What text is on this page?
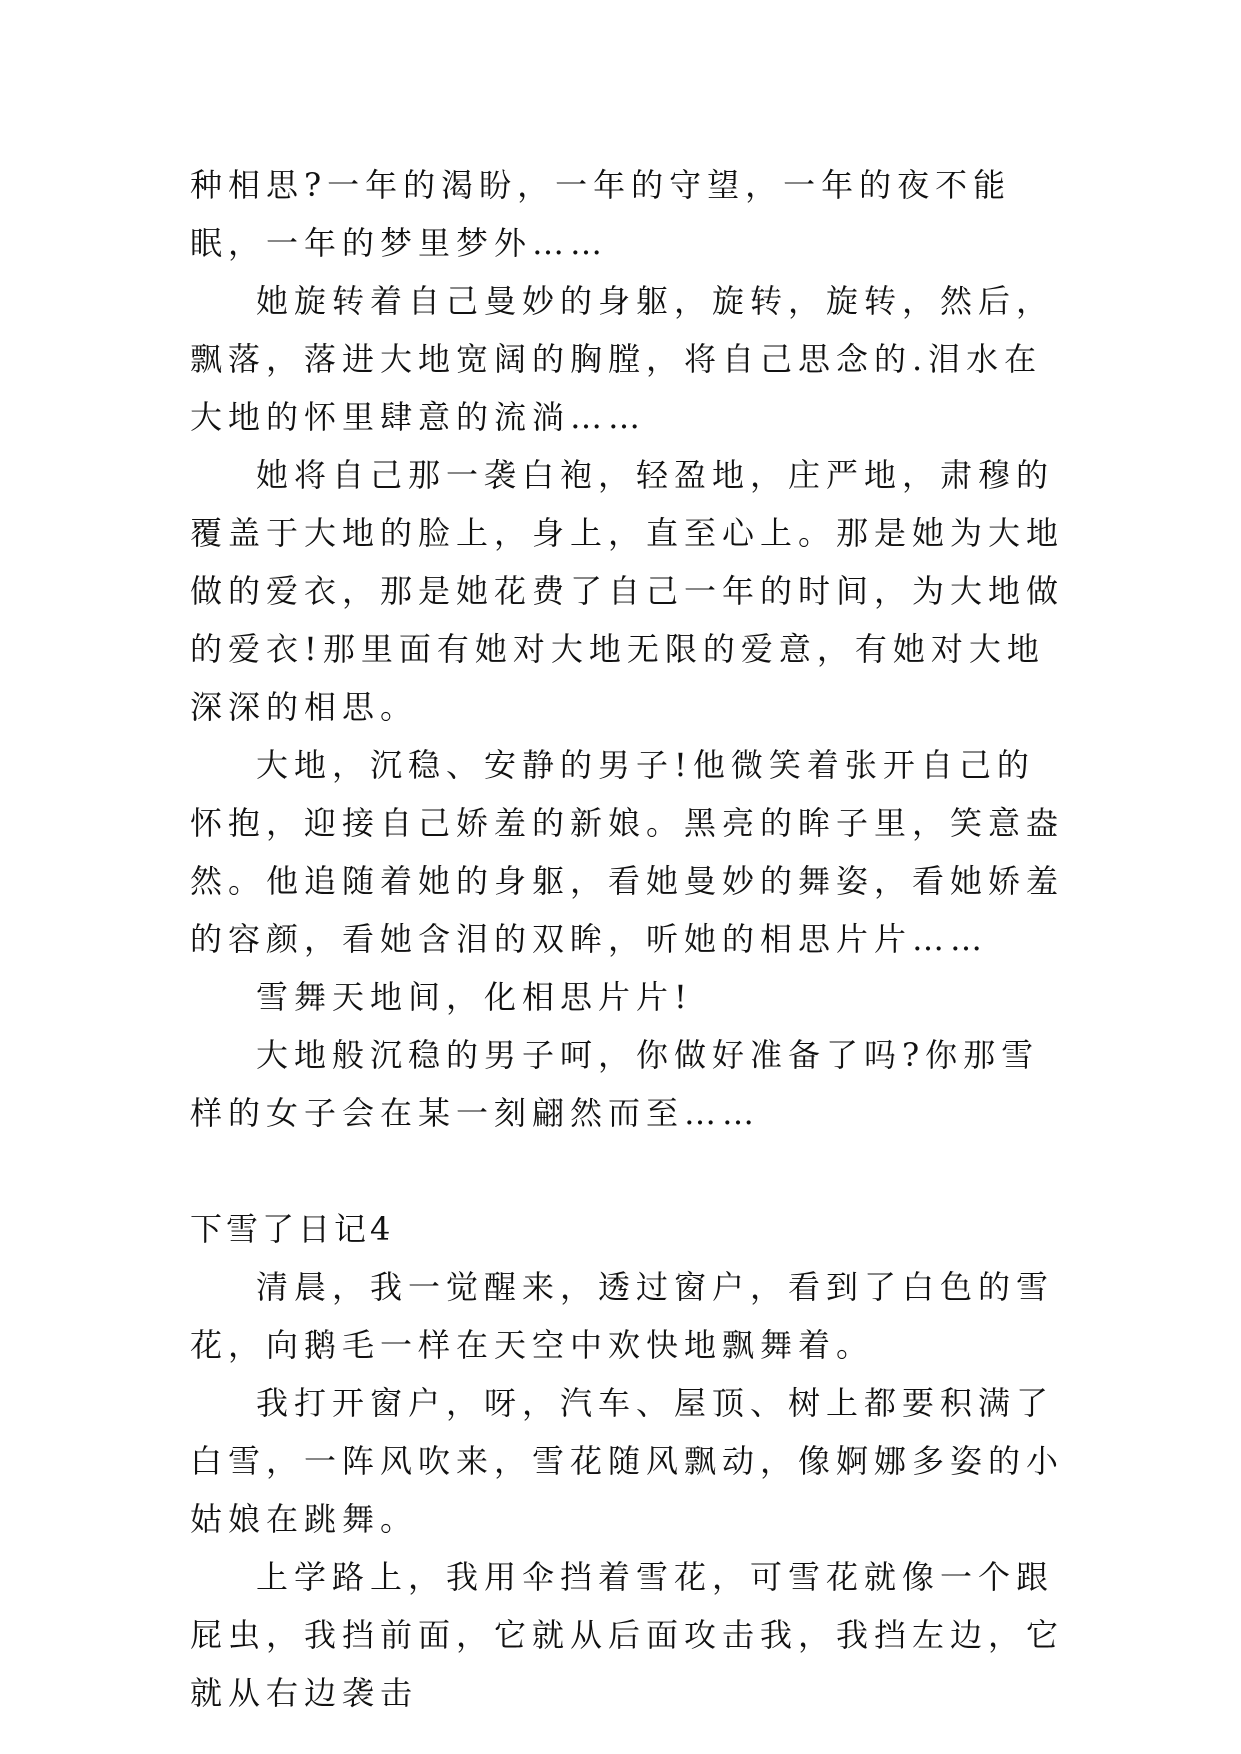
种相思?一年的渴盼，一年的守望，一年的夜不能眠，一年的梦里梦外……

她旋转着自己曼妙的身躯，旋转，旋转，然后，飘落，落进大地宽阔的胸膛，将自己思念的.泪水在大地的怀里肆意的流淌……

她将自己那一袭白袍，轻盈地，庄严地，肃穆的覆盖于大地的脸上，身上，直至心上。那是她为大地做的爱衣，那是她花费了自己一年的时间，为大地做的爱衣!那里面有她对大地无限的爱意，有她对大地深深的相思。

大地，沉稳、安静的男子!他微笑着张开自己的怀抱，迎接自己娇羞的新娘。黑亮的眸子里，笑意盎然。他追随着她的身躯，看她曼妙的舞姿，看她娇羞的容颜，看她含泪的双眸，听她的相思片片……

雪舞天地间，化相思片片!

大地般沉稳的男子呵，你做好准备了吗?你那雪样的女子会在某一刻翩然而至……

下雪了日记4

清晨，我一觉醒来，透过窗户，看到了白色的雪花，向鹅毛一样在天空中欢快地飘舞着。

我打开窗户，呀，汽车、屋顶、树上都要积满了白雪，一阵风吹来，雪花随风飘动，像婀娜多姿的小姑娘在跳舞。

上学路上，我用伞挡着雪花，可雪花就像一个跟屁虫，我挡前面，它就从后面攻击我，我挡左边，它就从右边袭击
